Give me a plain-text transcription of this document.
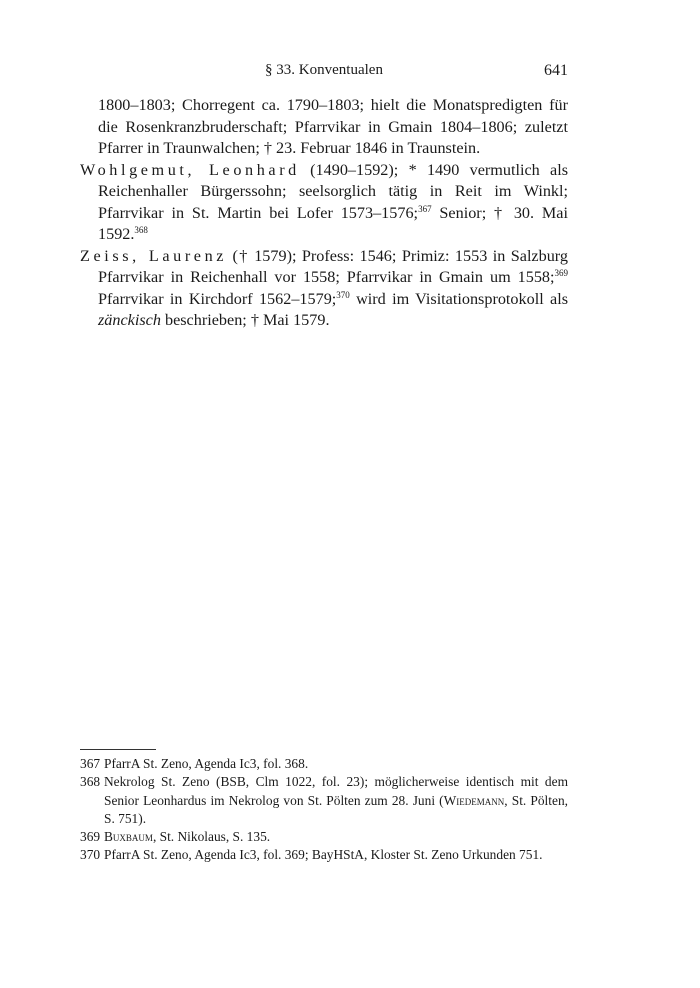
§ 33. Konventualen	641

1800–1803; Chorregent ca. 1790–1803; hielt die Monatspredigten für die Rosenkranzbruderschaft; Pfarrvikar in Gmain 1804–1806; zuletzt Pfarrer in Traunwalchen; † 23. Februar 1846 in Traunstein.

Wohlgemut, Leonhard (1490–1592); * 1490 vermutlich als Reichenhaller Bürgerssohn; seelsorglich tätig in Reit im Winkl; Pfarrvikar in St. Martin bei Lofer 1573–1576;$^{367}$ Senior; † 30. Mai 1592.$^{368}$

Zeiss, Laurenz († 1579); Profess: 1546; Primiz: 1553 in Salzburg Pfarrvikar in Reichenhall vor 1558; Pfarrvikar in Gmain um 1558;$^{369}$ Pfarrvikar in Kirchdorf 1562–1579;$^{370}$ wird im Visitationsprotokoll als zänckisch beschrieben; † Mai 1579.

367 PfarrA St. Zeno, Agenda Ic3, fol. 368.
368 Nekrolog St. Zeno (BSB, Clm 1022, fol. 23); möglicherweise identisch mit dem Senior Leonhardus im Nekrolog von St. Pölten zum 28. Juni (Wiedemann, St. Pölten, S. 751).
369 Buxbaum, St. Nikolaus, S. 135.
370 PfarrA St. Zeno, Agenda Ic3, fol. 369; BayHStA, Kloster St. Zeno Urkunden 751.
